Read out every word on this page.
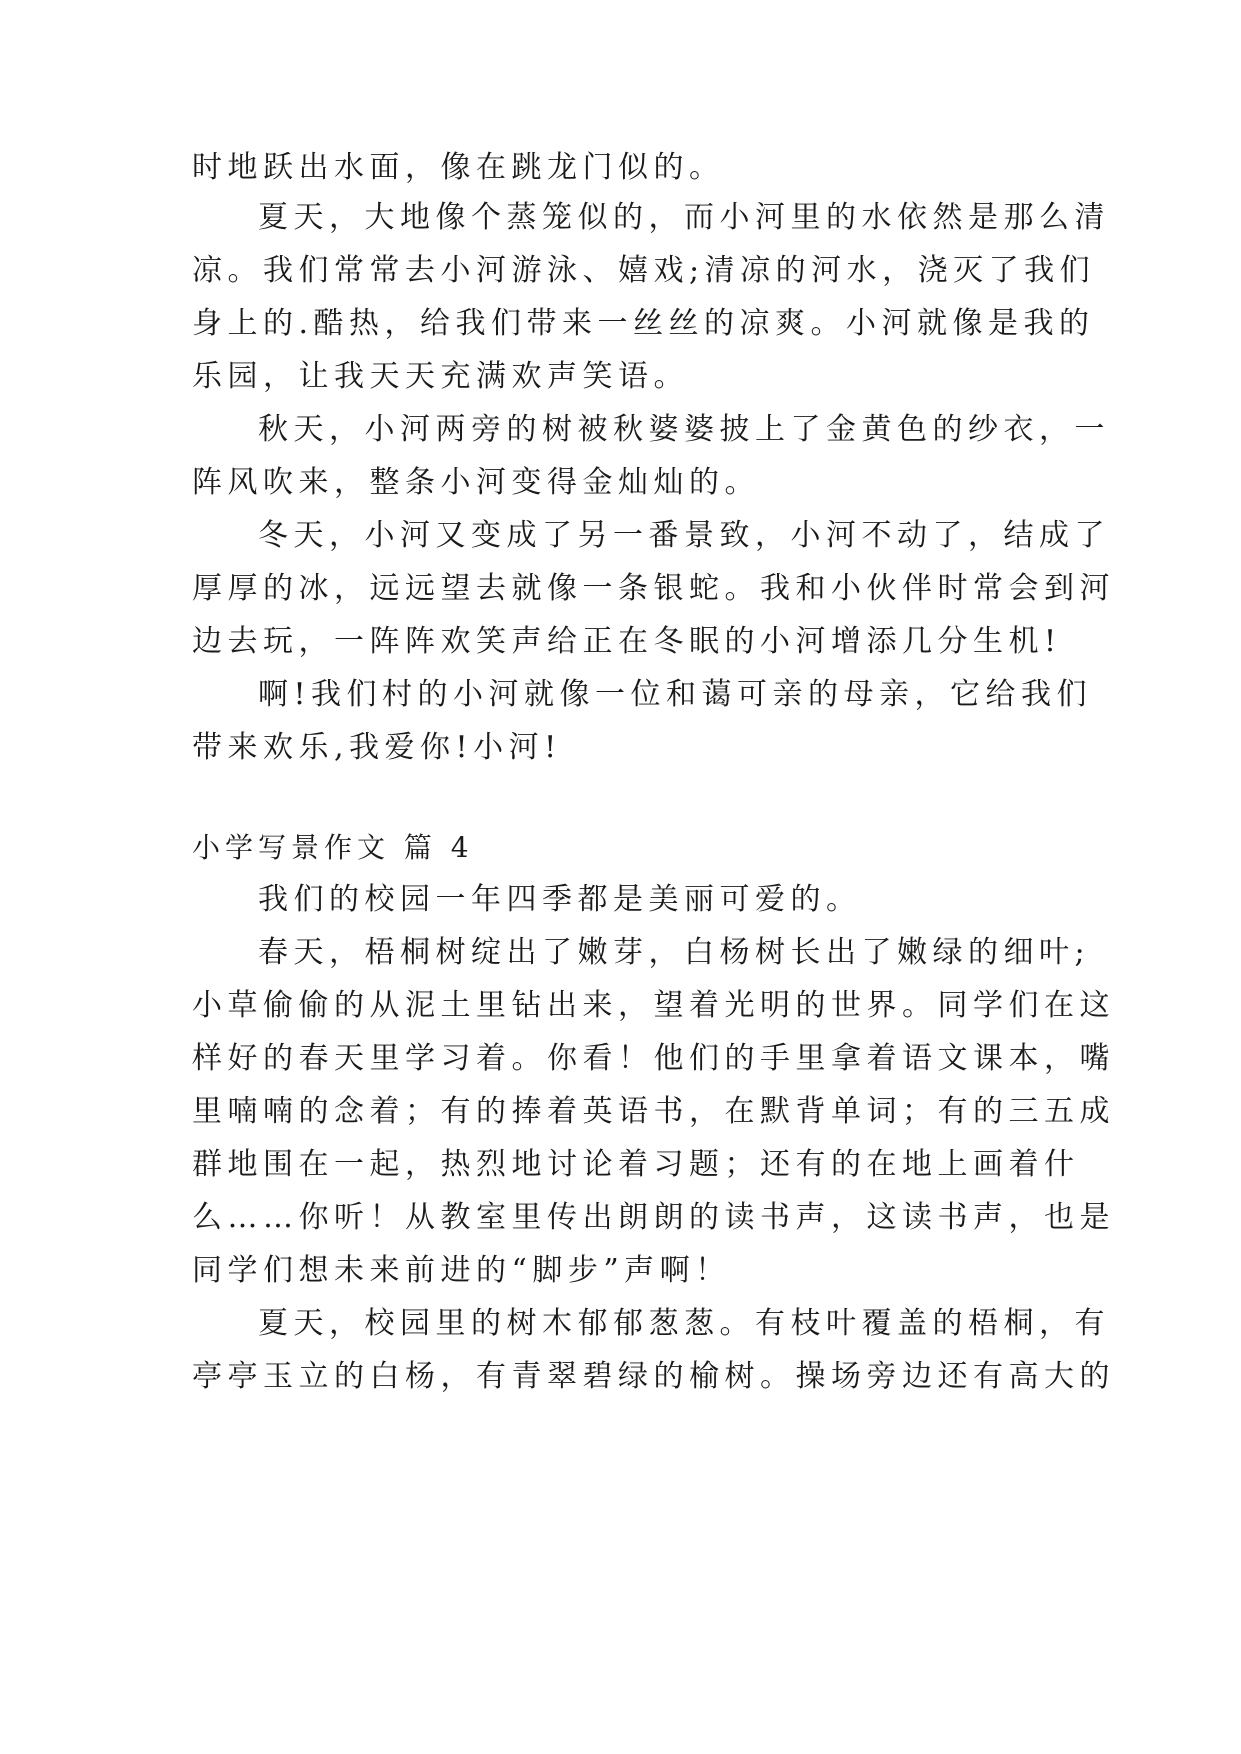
时地跃出水面，像在跳龙门似的。
夏天，大地像个蒸笼似的，而小河里的水依然是那么清
凉。我们常常去小河游泳、嬉戏;清凉的河水，浇灭了我们
身上的.酷热，给我们带来一丝丝的凉爽。小河就像是我的
乐园，让我天天充满欢声笑语。
秋天，小河两旁的树被秋婆婆披上了金黄色的纱衣，一
阵风吹来，整条小河变得金灿灿的。
冬天，小河又变成了另一番景致，小河不动了，结成了
厚厚的冰，远远望去就像一条银蛇。我和小伙伴时常会到河
边去玩，一阵阵欢笑声给正在冬眠的小河增添几分生机!
啊!我们村的小河就像一位和蔼可亲的母亲，它给我们
带来欢乐,我爱你!小河!
小学写景作文 篇 4
我们的校园一年四季都是美丽可爱的。
春天，梧桐树绽出了嫩芽，白杨树长出了嫩绿的细叶;
小草偷偷的从泥土里钻出来，望着光明的世界。同学们在这
样好的春天里学习着。你看！他们的手里拿着语文课本，嘴
里喃喃的念着；有的捧着英语书，在默背单词；有的三五成
群地围在一起，热烈地讨论着习题；还有的在地上画着什
么……你听！从教室里传出朗朗的读书声，这读书声，也是
同学们想未来前进的“脚步”声啊！
夏天，校园里的树木郁郁葱葱。有枝叶覆盖的梧桐，有
亭亭玉立的白杨，有青翠碧绿的榆树。操场旁边还有高大的
